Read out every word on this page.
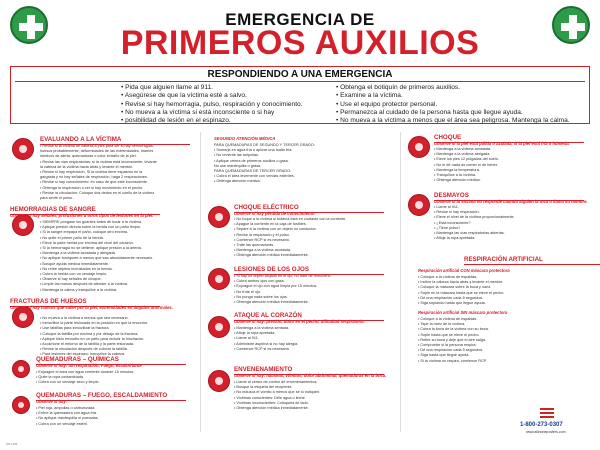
EMERGENCIA DE
PRIMEROS AUXILIOS
RESPONDIENDO A UNA EMERGENCIA
• Pida que alguien llame al 911.
• Asegúrese de que la víctima esté a salvo.
• Revise si hay hemorragia, pulso, respiración y conocimiento.
• No mueva a la víctima si está inconsciente o si hay
• posibilidad de lesión en el espinazo.
• Obtenga el botiquín de primeros auxilios.
• Examine a la víctima.
• Use el equipo protector personal.
• Permanezca al cuidado de la persona hasta que llegue ayuda.
• No mueva a la víctima a menos que el área sea peligrosa. Mantenga la calma.
EVALUANDO A LA VÍCTIMA
• Revise si la víctima de cabeza a pies para ver si hay hemorragias,
huesos probablemente, deformidades de las extremidades, tirantes
médicos de alerta, quemaduras o color extraño de la piel.
• Revise las vías respiratorias: sí la víctima está inconsciente, levante
la cabeza de la víctima hacia atrás y levante el mentón.
• Revise si hay respiración. Si la víctima tiene espasmo en la
garganta y no hay señales de respiración, haga 2 respiraciones.
• Revise si hay conocimiento: en caso de que esté inconsciente.
• Obtenga la respiración o ver si hay movimiento en el pecho.
• Revise la circulación: Coloque dos dedos en el cuello de la víctima
para sentir el pulso.
HEMORRAGIAS DE SANGRE
Observe si hay señales, profusiones u otros tipos de lesiones en la piel.
• SIEMPRE póngase los guantes antes de tocar a la víctima.
• Aplique presión directa sobre la herida con un paño limpio.
• Si la sangre empapa el paño, coloque otro encima.
• No quite el primer paño de la herida.
• Eleve la parte herida por encima del nivel del corazón.
• Si la hemorragia no se detiene, aplique presión a la arteria.
• Mantenga a la víctima acostada y abrigada.
• No aplique torniquete a menos que sea absolutamente necesario.
• Busque ayuda médica inmediatamente.
• No retire objetos incrustados en la herida.
• Cubra la herida con un vendaje limpio.
• Observe si hay señales de choque.
• Limpie las manos después de atender a la víctima.
• Mantenga la calma y tranquilice a la víctima.
FRACTURAS DE HUESOS
Observe si hay huesos que salen por la piel, extremidades en ángulos anormales.
• No mueva a la víctima a menos que sea necesario.
• Inmovilice la parte lesionada en la posición en que la encontró.
• Use tablillas para inmovilizar la fractura.
• Coloque la tablilla por encima y por debajo de la fractura.
• Aplique hielo envuelto en un paño para reducir la hinchazón.
• Acolchone el entorno de la tablilla y la parte lesionada.
• Revise la circulación después de colocar la tablilla.
• Para lesiones del espinazo: Inmovilice la cabeza.
QUEMADURAS – QUÍMICAS
Observe si hay: Sin respiración, Fuego, escalofriante
• Enjuague el área con agua corriente durante 15 minutos.
• Quite la ropa contaminada.
• Cubra con un vendaje seco y limpio.
QUEMADURAS – FUEGO, ESCALDAMIENTO
Observe si hay:
• Piel roja, ampollas o carbonizada.
• Enfríe la quemadura con agua fría.
• No aplique mantequilla ni pomadas.
• Cubra con un vendaje estéril.
SEGUNDO ATENCIÓN MÉDICA
PARA QUEMADURAS DE SEGUNDO Y TERCER GRADO:
• Sumerja en agua fría o aplicar una toalla fría.
• No reviente las ampollas.
• Aplique crema de primeros auxilios o gasa.
No use mantequilla o grasa.
PARA QUEMADURAS DE TERCER GRADO:
• Cubra el área levemente con vendas estériles.
• Obtenga atención médica.
CHOQUE ELÉCTRICO
Observe si hay pérdida de conocimiento
• No toque a la víctima si todavía está en contacto con la corriente.
• Apague la corriente en la caja de fusibles.
• Separe a la víctima con un objeto no conductor.
• Revise la respiración y el pulso.
• Comience RCP si es necesario.
• Trate las quemaduras.
• Mantenga a la víctima acostada.
• Obtenga atención médica inmediatamente.
LESIONES DE LOS OJOS
• Si hay un objeto alojado en el ojo, no trate de removerlo.
• Cubra ambos ojos con gasa.
• Enjuague el ojo con agua limpia por 15 minutos.
• No frote el ojo.
• No ponga nada sobre los ojos.
• Obtenga atención médica inmediatamente.
ATAQUE AL CORAZÓN
Observe si hay: presión, dolor en el pecho, dificultad respiratoria.
• Mantenga a la víctima sentada.
• Afloje la ropa apretada.
• Llame al 911.
• Administre aspirina si no hay alergia.
• Comience RCP si es necesario.
ENVENENAMIENTO
Observe si hay: náuseas, vómitos, dolor abdominal, quemaduras en la boca.
• Llame al centro de control de envenenamientos.
• Busque la etiqueta del recipiente.
• No induzca el vómito a menos que se lo indiquen.
• Víctimas conscientes: Déle agua o leche.
• Víctimas inconscientes: Colóquela de lado.
• Obtenga atención médica inmediatamente.
CHOQUE
Observe si la piel está pálida o azulada, si la piel está fría o húmeda.
• Mantenga a la víctima acostada.
• Mantenga a la víctima abrigada.
• Eleve los pies 12 pulgadas del suelo.
• No le dé nada de comer ni de beber.
• Mantenga la temperatura.
• Tranquilice a la víctima.
• Obtenga atención médica.
DESMAYOS
Observe si la víctima no responde cuando alguien la toca o llama su nombre.
• Llame al 911.
• Revise si hay respiración.
• Eleve el nivel de la víctima proporcionalmente.
• ¿Está inconsciente?
• ¿Tiene pulso?
• Mantenga las vías respiratorias abiertas.
• Afloje la ropa apretada.
RESPIRACIÓN ARTIFICIAL
Respiración artificial CON máscara protectora
• Coloque a la víctima de espaldas.
• Incline la cabeza hacia atrás y levante el mentón.
• Coloque la máscara sobre la boca y nariz.
• Sople en la máscara hasta que se eleve el pecho.
• Dé una respiración cada 5 segundos.
• Siga soplando hasta que llegue ayuda.
Respiración artificial SIN máscara protectora
• Coloque a la víctima de espaldas.
• Tape la nariz de la víctima.
• Cubra la boca de la víctima con su boca.
• Sople hasta que se eleve el pecho.
• Retire su boca y deje que el aire salga.
• Compruebe si la persona respira.
• Dé una respiración cada 5 segundos.
• Siga hasta que llegue ayuda.
• Si la víctima no respira, comience RCP.
1-800-273-0307
www.allinoneposters.com
SP-1193
